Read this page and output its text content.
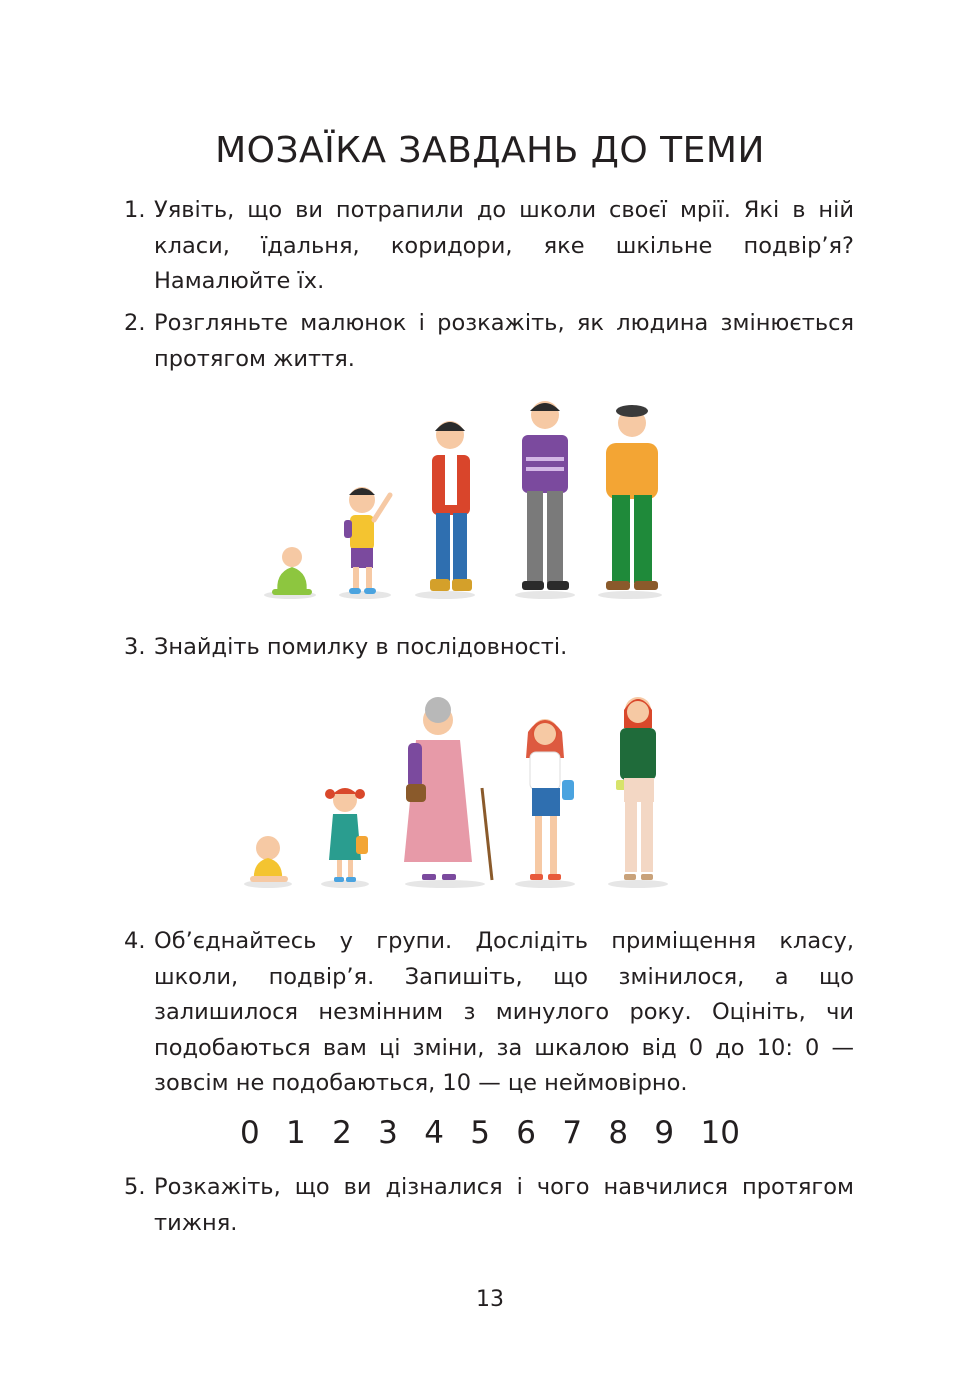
МОЗАЇКА ЗАВДАНЬ ДО ТЕМИ
1. Уявіть, що ви потрапили до школи своєї мрії. Які в ній класи, їдальня, коридори, яке шкільне подвір’я? Намалюйте їх.
2. Розгляньте малюнок і розкажіть, як людина змінюється протягом життя.
3. Знайдіть помилку в послідовності.
4. Об’єднайтесь у групи. Дослідіть приміщення класу, школи, подвір’я. Запишіть, що змінилося, а що залишилося незмінним з минулого року. Оцініть, чи подобаються вам ці зміни, за шкалою від 0 до 10: 0 — зовсім не подобаються, 10 — це неймовірно.
0 1 2 3 4 5 6 7 8 9 10
5. Розкажіть, що ви дізналися і чого навчилися протягом тижня.
13
